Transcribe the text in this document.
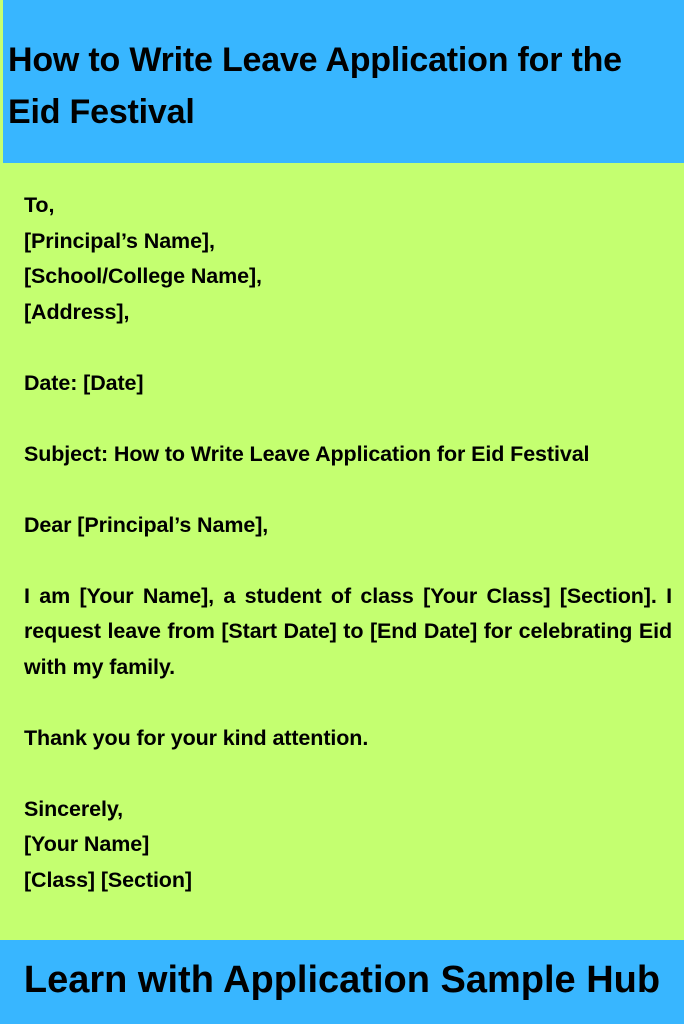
How to Write Leave Application for the Eid Festival
To,
[Principal’s Name],
[School/College Name],
[Address],
Date: [Date]
Subject: How to Write Leave Application for Eid Festival
Dear [Principal’s Name],
I am [Your Name], a student of class [Your Class] [Section]. I request leave from [Start Date] to [End Date] for celebrating Eid with my family.
Thank you for your kind attention.
Sincerely,
[Your Name]
[Class] [Section]
Learn with Application Sample Hub
